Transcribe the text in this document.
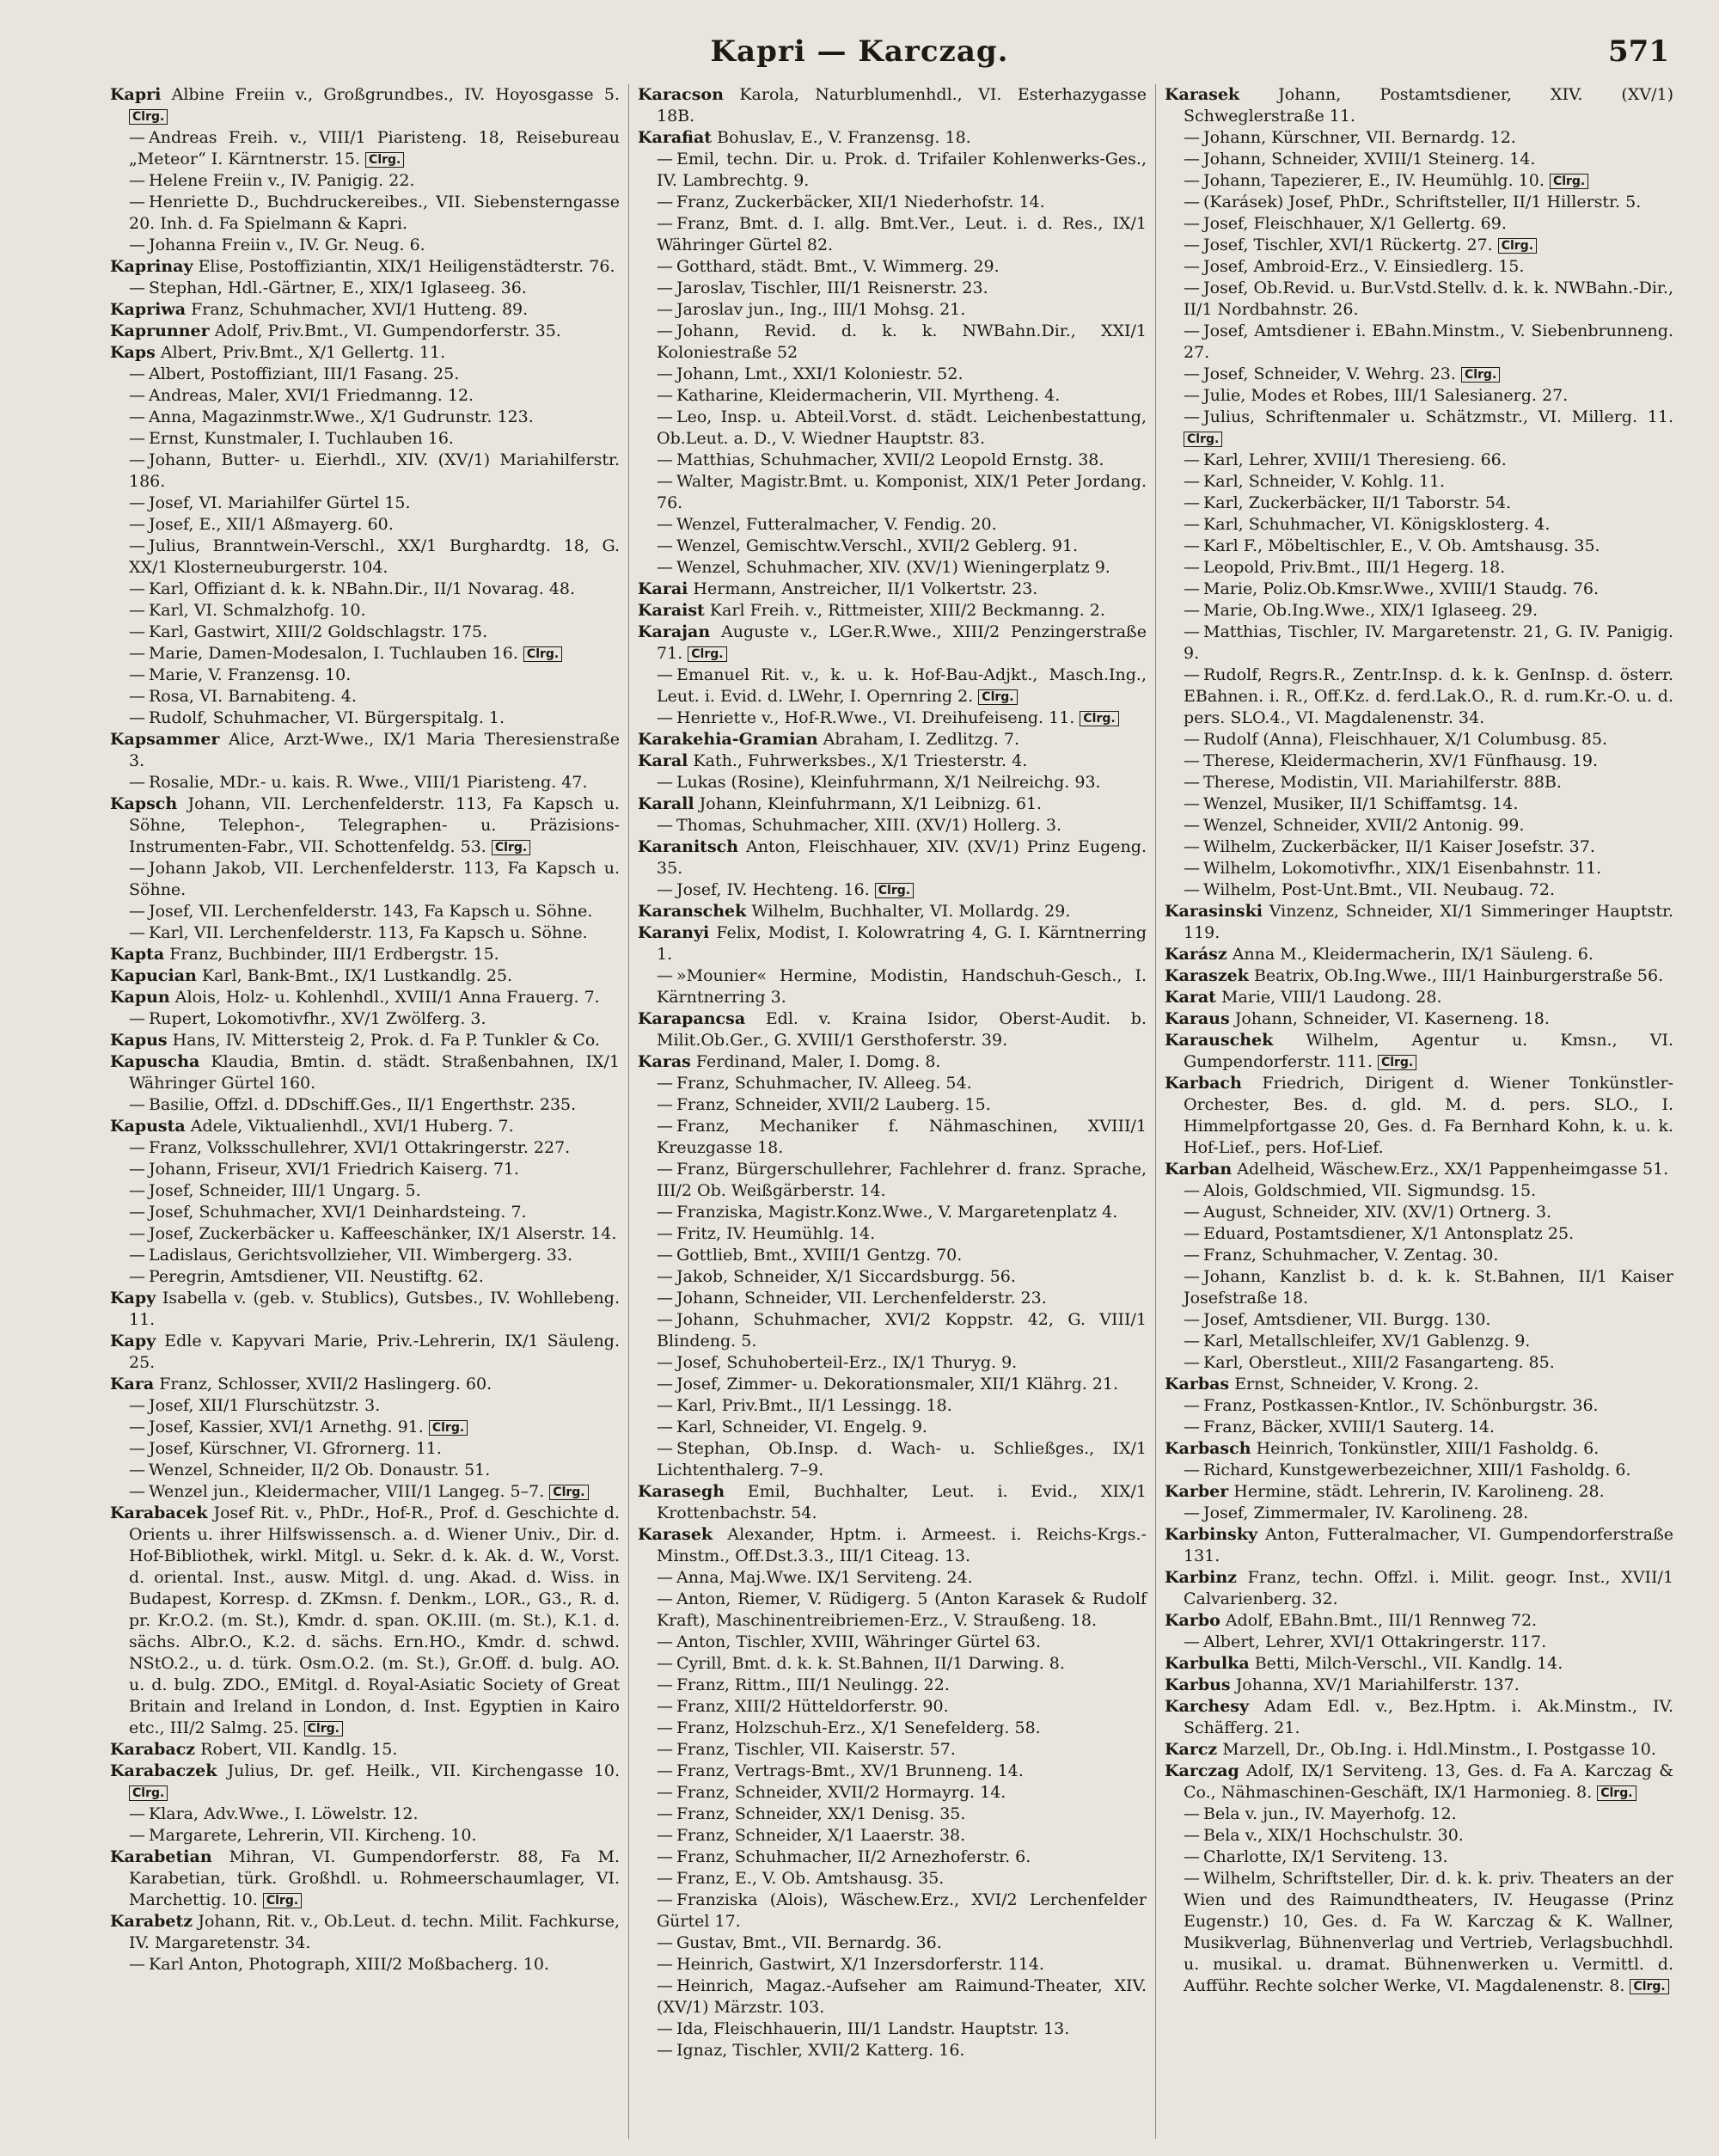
Kapri — Karczag.	571

Kapri Albine Freiin v., Großgrundbes., IV. Hoyosgasse 5. Clrg.

— Andreas Freih. v., VIII/1 Piaristeng. 18, Reisebureau „Meteor“ I. Kärntnerstr. 15. Clrg.

— Helene Freiin v., IV. Panigig. 22.

— Henriette D., Buchdruckereibes., VII. Siebensterngasse 20. Inh. d. Fa Spielmann & Kapri.

— Johanna Freiin v., IV. Gr. Neug. 6.

Kaprinay Elise, Postoffiziantin, XIX/1 Heiligenstädterstr. 76.

— Stephan, Hdl.-Gärtner, E., XIX/1 Iglaseeg. 36.

Kapriwa Franz, Schuhmacher, XVI/1 Hutteng. 89.

Kaprunner Adolf, Priv.Bmt., VI. Gumpendorferstr. 35.

Kaps Albert, Priv.Bmt., X/1 Gellertg. 11.

— Albert, Postoffiziant, III/1 Fasang. 25.

— Andreas, Maler, XVI/1 Friedmanng. 12.

— Anna, Magazinmstr.Wwe., X/1 Gudrunstr. 123.

— Ernst, Kunstmaler, I. Tuchlauben 16.

— Johann, Butter- u. Eierhdl., XIV. (XV/1) Mariahilferstr. 186.

— Josef, VI. Mariahilfer Gürtel 15.

— Josef, E., XII/1 Aßmayerg. 60.

— Julius, Branntwein-Verschl., XX/1 Burghardtg. 18, G. XX/1 Klosterneuburgerstr. 104.

— Karl, Offiziant d. k. k. NBahn.Dir., II/1 Novarag. 48.

— Karl, VI. Schmalzhofg. 10.

— Karl, Gastwirt, XIII/2 Goldschlagstr. 175.

— Marie, Damen-Modesalon, I. Tuchlauben 16. Clrg.

— Marie, V. Franzensg. 10.

— Rosa, VI. Barnabiteng. 4.

— Rudolf, Schuhmacher, VI. Bürgerspitalg. 1.

Kapsammer Alice, Arzt-Wwe., IX/1 Maria Theresienstraße 3.

— Rosalie, MDr.- u. kais. R. Wwe., VIII/1 Piaristeng. 47.

Kapsch Johann, VII. Lerchenfelderstr. 113, Fa Kapsch u. Söhne, Telephon-, Telegraphen- u. Präzisions-Instrumenten-Fabr., VII. Schottenfeldg. 53. Clrg.

— Johann Jakob, VII. Lerchenfelderstr. 113, Fa Kapsch u. Söhne.

— Josef, VII. Lerchenfelderstr. 143, Fa Kapsch u. Söhne.

— Karl, VII. Lerchenfelderstr. 113, Fa Kapsch u. Söhne.

Kapta Franz, Buchbinder, III/1 Erdbergstr. 15.

Kapucian Karl, Bank-Bmt., IX/1 Lustkandlg. 25.

Kapun Alois, Holz- u. Kohlenhdl., XVIII/1 Anna Frauerg. 7.

— Rupert, Lokomotivfhr., XV/1 Zwölferg. 3.

Kapus Hans, IV. Mittersteig 2, Prok. d. Fa P. Tunkler & Co.

Kapuscha Klaudia, Bmtin. d. städt. Straßenbahnen, IX/1 Währinger Gürtel 160.

— Basilie, Offzl. d. DDschiff.Ges., II/1 Engerthstr. 235.

Kapusta Adele, Viktualienhdl., XVI/1 Huberg. 7.

— Franz, Volksschullehrer, XVI/1 Ottakringerstr. 227.

— Johann, Friseur, XVI/1 Friedrich Kaiserg. 71.

— Josef, Schneider, III/1 Ungarg. 5.

— Josef, Schuhmacher, XVI/1 Deinhardsteing. 7.

— Josef, Zuckerbäcker u. Kaffeeschänker, IX/1 Alserstr. 14.

— Ladislaus, Gerichtsvollzieher, VII. Wimbergerg. 33.

— Peregrin, Amtsdiener, VII. Neustiftg. 62.

Kapy Isabella v. (geb. v. Stublics), Gutsbes., IV. Wohllebeng. 11.

Kapy Edle v. Kapyvari Marie, Priv.-Lehrerin, IX/1 Säuleng. 25.

Kara Franz, Schlosser, XVII/2 Haslingerg. 60.

— Josef, XII/1 Flurschützstr. 3.

— Josef, Kassier, XVI/1 Arnethg. 91. Clrg.

— Josef, Kürschner, VI. Gfrornerg. 11.

— Wenzel, Schneider, II/2 Ob. Donaustr. 51.

— Wenzel jun., Kleidermacher, VIII/1 Langeg. 5–7. Clrg.

Karabacek Josef Rit. v., PhDr., Hof-R., Prof. d. Geschichte d. Orients u. ihrer Hilfswissensch. a. d. Wiener Univ., Dir. d. Hof-Bibliothek, wirkl. Mitgl. u. Sekr. d. k. Ak. d. W., Vorst. d. oriental. Inst., ausw. Mitgl. d. ung. Akad. d. Wiss. in Budapest, Korresp. d. ZKmsn. f. Denkm., LOR., G3., R. d. pr. Kr.O.2. (m. St.), Kmdr. d. span. OK.III. (m. St.), K.1. d. sächs. Albr.O., K.2. d. sächs. Ern.HO., Kmdr. d. schwd. NStO.2., u. d. türk. Osm.O.2. (m. St.), Gr.Off. d. bulg. AO. u. d. bulg. ZDO., EMitgl. d. Royal-Asiatic Society of Great Britain and Ireland in London, d. Inst. Egyptien in Kairo etc., III/2 Salmg. 25. Clrg.

Karabacz Robert, VII. Kandlg. 15.

Karabaczek Julius, Dr. gef. Heilk., VII. Kirchengasse 10. Clrg.

— Klara, Adv.Wwe., I. Löwelstr. 12.

— Margarete, Lehrerin, VII. Kircheng. 10.

Karabetian Mihran, VI. Gumpendorferstr. 88, Fa M. Karabetian, türk. Großhdl. u. Rohmeerschaumlager, VI. Marchettig. 10. Clrg.

Karabetz Johann, Rit. v., Ob.Leut. d. techn. Milit. Fachkurse, IV. Margaretenstr. 34.

— Karl Anton, Photograph, XIII/2 Moßbacherg. 10.

Karacson Karola, Naturblumenhdl., VI. Esterhazygasse 18B.

Karafiat Bohuslav, E., V. Franzensg. 18.

— Emil, techn. Dir. u. Prok. d. Trifailer Kohlenwerks-Ges., IV. Lambrechtg. 9.

— Franz, Zuckerbäcker, XII/1 Niederhofstr. 14.

— Franz, Bmt. d. I. allg. Bmt.Ver., Leut. i. d. Res., IX/1 Währinger Gürtel 82.

— Gotthard, städt. Bmt., V. Wimmerg. 29.

— Jaroslav, Tischler, III/1 Reisnerstr. 23.

— Jaroslav jun., Ing., III/1 Mohsg. 21.

— Johann, Revid. d. k. k. NWBahn.Dir., XXI/1 Koloniestraße 52

— Johann, Lmt., XXI/1 Koloniestr. 52.

— Katharine, Kleidermacherin, VII. Myrtheng. 4.

— Leo, Insp. u. Abteil.Vorst. d. städt. Leichenbestattung, Ob.Leut. a. D., V. Wiedner Hauptstr. 83.

— Matthias, Schuhmacher, XVII/2 Leopold Ernstg. 38.

— Walter, Magistr.Bmt. u. Komponist, XIX/1 Peter Jordang. 76.

— Wenzel, Futteralmacher, V. Fendig. 20.

— Wenzel, Gemischtw.Verschl., XVII/2 Geblerg. 91.

— Wenzel, Schuhmacher, XIV. (XV/1) Wieningerplatz 9.

Karai Hermann, Anstreicher, II/1 Volkertstr. 23.

Karaist Karl Freih. v., Rittmeister, XIII/2 Beckmanng. 2.

Karajan Auguste v., LGer.R.Wwe., XIII/2 Penzingerstraße 71. Clrg.

— Emanuel Rit. v., k. u. k. Hof-Bau-Adjkt., Masch.Ing., Leut. i. Evid. d. LWehr, I. Opernring 2. Clrg.

— Henriette v., Hof-R.Wwe., VI. Dreihufeiseng. 11. Clrg.

Karakehia-Gramian Abraham, I. Zedlitzg. 7.

Karal Kath., Fuhrwerksbes., X/1 Triesterstr. 4.

— Lukas (Rosine), Kleinfuhrmann, X/1 Neilreichg. 93.

Karall Johann, Kleinfuhrmann, X/1 Leibnizg. 61.

— Thomas, Schuhmacher, XIII. (XV/1) Hollerg. 3.

Karanitsch Anton, Fleischhauer, XIV. (XV/1) Prinz Eugeng. 35.

— Josef, IV. Hechteng. 16. Clrg.

Karanschek Wilhelm, Buchhalter, VI. Mollardg. 29.

Karanyi Felix, Modist, I. Kolowratring 4, G. I. Kärntnerring 1.

— »Mounier« Hermine, Modistin, Handschuh-Gesch., I. Kärntnerring 3.

Karapancsa Edl. v. Kraina Isidor, Oberst-Audit. b. Milit.Ob.Ger., G. XVIII/1 Gersthoferstr. 39.

Karas Ferdinand, Maler, I. Domg. 8.

— Franz, Schuhmacher, IV. Alleeg. 54.

— Franz, Schneider, XVII/2 Lauberg. 15.

— Franz, Mechaniker f. Nähmaschinen, XVIII/1 Kreuzgasse 18.

— Franz, Bürgerschullehrer, Fachlehrer d. franz. Sprache, III/2 Ob. Weißgärberstr. 14.

— Franziska, Magistr.Konz.Wwe., V. Margaretenplatz 4.

— Fritz, IV. Heumühlg. 14.

— Gottlieb, Bmt., XVIII/1 Gentzg. 70.

— Jakob, Schneider, X/1 Siccardsburgg. 56.

— Johann, Schneider, VII. Lerchenfelderstr. 23.

— Johann, Schuhmacher, XVI/2 Koppstr. 42, G. VIII/1 Blindeng. 5.

— Josef, Schuhoberteil-Erz., IX/1 Thuryg. 9.

— Josef, Zimmer- u. Dekorationsmaler, XII/1 Klährg. 21.

— Karl, Priv.Bmt., II/1 Lessingg. 18.

— Karl, Schneider, VI. Engelg. 9.

— Stephan, Ob.Insp. d. Wach- u. Schließges., IX/1 Lichtenthalerg. 7–9.

Karasegh Emil, Buchhalter, Leut. i. Evid., XIX/1 Krottenbachstr. 54.

Karasek Alexander, Hptm. i. Armeest. i. Reichs-Krgs.-Minstm., Off.Dst.3.3., III/1 Citeag. 13.

— Anna, Maj.Wwe. IX/1 Serviteng. 24.

— Anton, Riemer, V. Rüdigerg. 5 (Anton Karasek & Rudolf Kraft), Maschinentreibriemen-Erz., V. Straußeng. 18.

— Anton, Tischler, XVIII, Währinger Gürtel 63.

— Cyrill, Bmt. d. k. k. St.Bahnen, II/1 Darwing. 8.

— Franz, Rittm., III/1 Neulingg. 22.

— Franz, XIII/2 Hütteldorferstr. 90.

— Franz, Holzschuh-Erz., X/1 Senefelderg. 58.

— Franz, Tischler, VII. Kaiserstr. 57.

— Franz, Vertrags-Bmt., XV/1 Brunneng. 14.

— Franz, Schneider, XVII/2 Hormayrg. 14.

— Franz, Schneider, XX/1 Denisg. 35.

— Franz, Schneider, X/1 Laaerstr. 38.

— Franz, Schuhmacher, II/2 Arnezhoferstr. 6.

— Franz, E., V. Ob. Amtshausg. 35.

— Franziska (Alois), Wäschew.Erz., XVI/2 Lerchenfelder Gürtel 17.

— Gustav, Bmt., VII. Bernardg. 36.

— Heinrich, Gastwirt, X/1 Inzersdorferstr. 114.

— Heinrich, Magaz.-Aufseher am Raimund-Theater, XIV. (XV/1) Märzstr. 103.

— Ida, Fleischhauerin, III/1 Landstr. Hauptstr. 13.

— Ignaz, Tischler, XVII/2 Katterg. 16.

Karasek Johann, Postamtsdiener, XIV. (XV/1) Schweglerstraße 11.

— Johann, Kürschner, VII. Bernardg. 12.

— Johann, Schneider, XVIII/1 Steinerg. 14.

— Johann, Tapezierer, E., IV. Heumühlg. 10. Clrg.

— (Karásek) Josef, PhDr., Schriftsteller, II/1 Hillerstr. 5.

— Josef, Fleischhauer, X/1 Gellertg. 69.

— Josef, Tischler, XVI/1 Rückertg. 27. Clrg.

— Josef, Ambroid-Erz., V. Einsiedlerg. 15.

— Josef, Ob.Revid. u. Bur.Vstd.Stellv. d. k. k. NWBahn.-Dir., II/1 Nordbahnstr. 26.

— Josef, Amtsdiener i. EBahn.Minstm., V. Siebenbrunneng. 27.

— Josef, Schneider, V. Wehrg. 23. Clrg.

— Julie, Modes et Robes, III/1 Salesianerg. 27.

— Julius, Schriftenmaler u. Schätzmstr., VI. Millerg. 11. Clrg.

— Karl, Lehrer, XVIII/1 Theresieng. 66.

— Karl, Schneider, V. Kohlg. 11.

— Karl, Zuckerbäcker, II/1 Taborstr. 54.

— Karl, Schuhmacher, VI. Königsklosterg. 4.

— Karl F., Möbeltischler, E., V. Ob. Amtshausg. 35.

— Leopold, Priv.Bmt., III/1 Hegerg. 18.

— Marie, Poliz.Ob.Kmsr.Wwe., XVIII/1 Staudg. 76.

— Marie, Ob.Ing.Wwe., XIX/1 Iglaseeg. 29.

— Matthias, Tischler, IV. Margaretenstr. 21, G. IV. Panigig. 9.

— Rudolf, Regrs.R., Zentr.Insp. d. k. k. GenInsp. d. österr. EBahnen. i. R., Off.Kz. d. ferd.Lak.O., R. d. rum.Kr.-O. u. d. pers. SLO.4., VI. Magdalenenstr. 34.

— Rudolf (Anna), Fleischhauer, X/1 Columbusg. 85.

— Therese, Kleidermacherin, XV/1 Fünfhausg. 19.

— Therese, Modistin, VII. Mariahilferstr. 88B.

— Wenzel, Musiker, II/1 Schiffamtsg. 14.

— Wenzel, Schneider, XVII/2 Antonig. 99.

— Wilhelm, Zuckerbäcker, II/1 Kaiser Josefstr. 37.

— Wilhelm, Lokomotivfhr., XIX/1 Eisenbahnstr. 11.

— Wilhelm, Post-Unt.Bmt., VII. Neubaug. 72.

Karasinski Vinzenz, Schneider, XI/1 Simmeringer Hauptstr. 119.

Karász Anna M., Kleidermacherin, IX/1 Säuleng. 6.

Karaszek Beatrix, Ob.Ing.Wwe., III/1 Hainburgerstraße 56.

Karat Marie, VIII/1 Laudong. 28.

Karaus Johann, Schneider, VI. Kaserneng. 18.

Karauschek Wilhelm, Agentur u. Kmsn., VI. Gumpendorferstr. 111. Clrg.

Karbach Friedrich, Dirigent d. Wiener Tonkünstler-Orchester, Bes. d. gld. M. d. pers. SLO., I. Himmelpfortgasse 20, Ges. d. Fa Bernhard Kohn, k. u. k. Hof-Lief., pers. Hof-Lief.

Karban Adelheid, Wäschew.Erz., XX/1 Pappenheimgasse 51.

— Alois, Goldschmied, VII. Sigmundsg. 15.

— August, Schneider, XIV. (XV/1) Ortnerg. 3.

— Eduard, Postamtsdiener, X/1 Antonsplatz 25.

— Franz, Schuhmacher, V. Zentag. 30.

— Johann, Kanzlist b. d. k. k. St.Bahnen, II/1 Kaiser Josefstraße 18.

— Josef, Amtsdiener, VII. Burgg. 130.

— Karl, Metallschleifer, XV/1 Gablenzg. 9.

— Karl, Oberstleut., XIII/2 Fasangarteng. 85.

Karbas Ernst, Schneider, V. Krong. 2.

— Franz, Postkassen-Kntlor., IV. Schönburgstr. 36.

— Franz, Bäcker, XVIII/1 Sauterg. 14.

Karbasch Heinrich, Tonkünstler, XIII/1 Fasholdg. 6.

— Richard, Kunstgewerbezeichner, XIII/1 Fasholdg. 6.

Karber Hermine, städt. Lehrerin, IV. Karolineng. 28.

— Josef, Zimmermaler, IV. Karolineng. 28.

Karbinsky Anton, Futteralmacher, VI. Gumpendorferstraße 131.

Karbinz Franz, techn. Offzl. i. Milit. geogr. Inst., XVII/1 Calvarienberg. 32.

Karbo Adolf, EBahn.Bmt., III/1 Rennweg 72.

— Albert, Lehrer, XVI/1 Ottakringerstr. 117.

Karbulka Betti, Milch-Verschl., VII. Kandlg. 14.

Karbus Johanna, XV/1 Mariahilferstr. 137.

Karchesy Adam Edl. v., Bez.Hptm. i. Ak.Minstm., IV. Schäfferg. 21.

Karcz Marzell, Dr., Ob.Ing. i. Hdl.Minstm., I. Postgasse 10.

Karczag Adolf, IX/1 Serviteng. 13, Ges. d. Fa A. Karczag & Co., Nähmaschinen-Geschäft, IX/1 Harmonieg. 8. Clrg.

— Bela v. jun., IV. Mayerhofg. 12.

— Bela v., XIX/1 Hochschulstr. 30.

— Charlotte, IX/1 Serviteng. 13.

— Wilhelm, Schriftsteller, Dir. d. k. k. priv. Theaters an der Wien und des Raimundtheaters, IV. Heugasse (Prinz Eugenstr.) 10, Ges. d. Fa W. Karczag & K. Wallner, Musikverlag, Bühnenverlag und Vertrieb, Verlagsbuchhdl. u. musikal. u. dramat. Bühnenwerken u. Vermittl. d. Aufführ. Rechte solcher Werke, VI. Magdalenenstr. 8. Clrg.
